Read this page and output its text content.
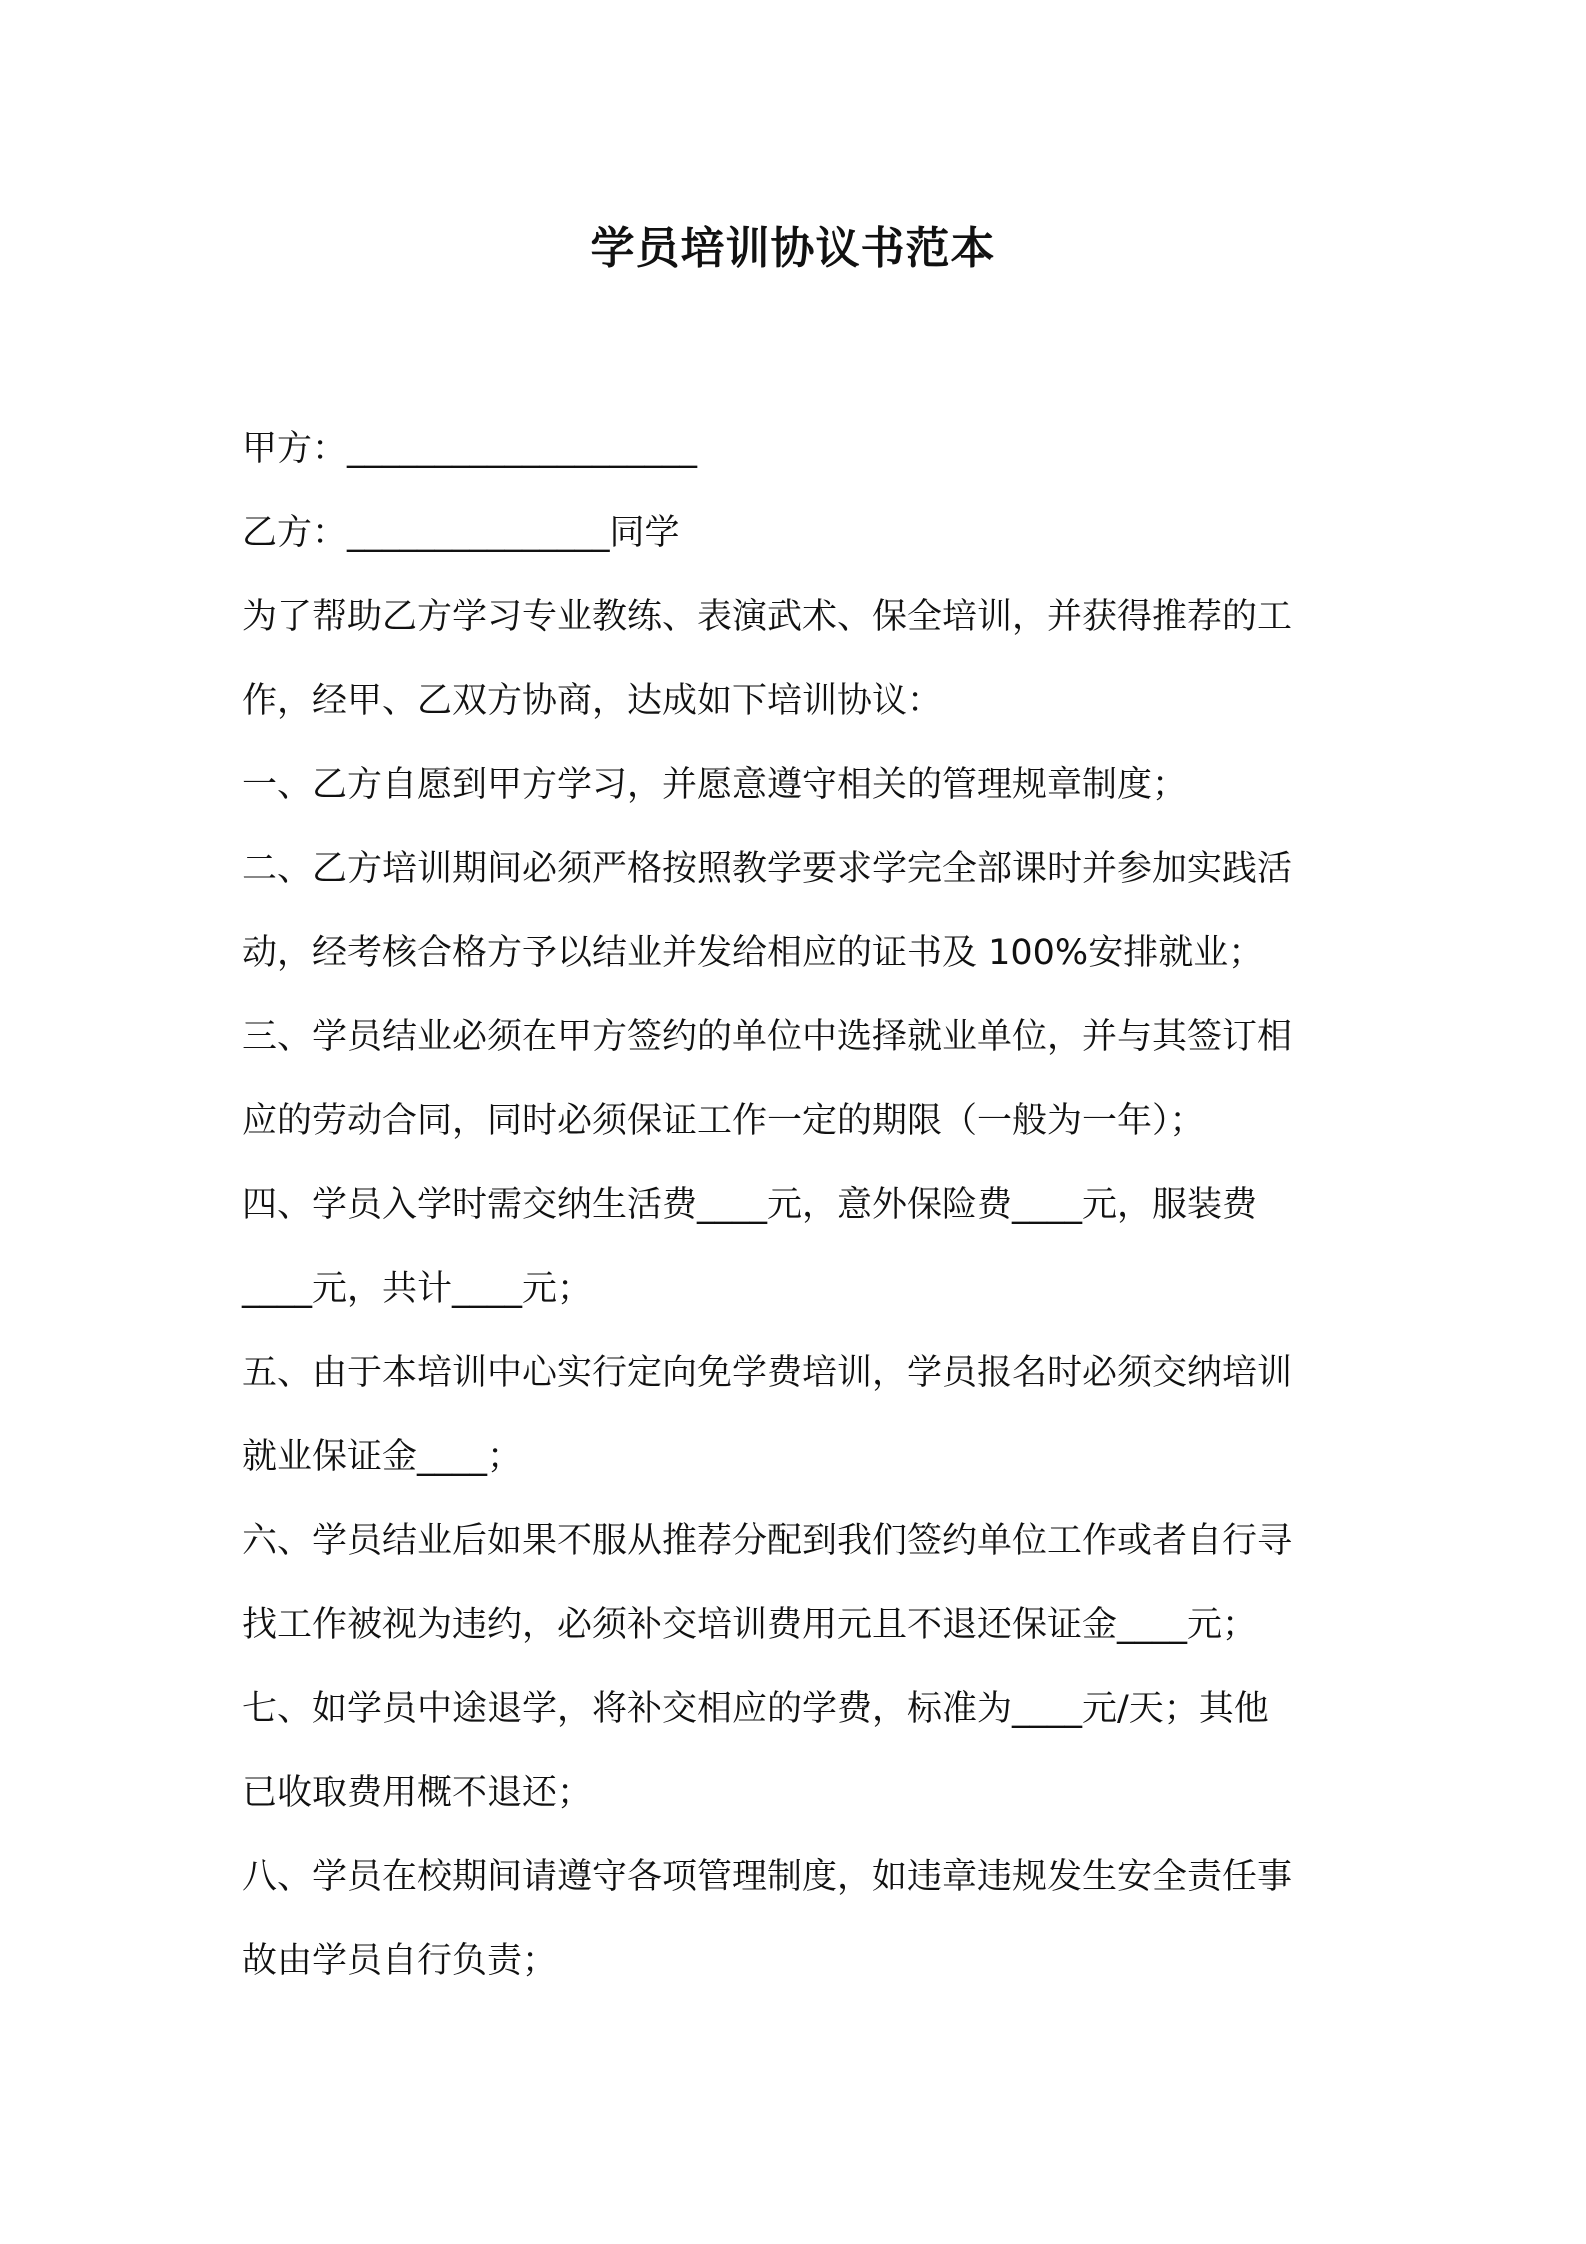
学员培训协议书范本
甲方：____________________
乙方：_______________同学

为了帮助乙方学习专业教练、表演武术、保全培训，并获得推荐的工
作，经甲、乙双方协商，达成如下培训协议：

一、乙方自愿到甲方学习，并愿意遵守相关的管理规章制度；

二、乙方培训期间必须严格按照教学要求学完全部课时并参加实践活
动，经考核合格方予以结业并发给相应的证书及 100%安排就业；

三、学员结业必须在甲方签约的单位中选择就业单位，并与其签订相
应的劳动合同，同时必须保证工作一定的期限（一般为一年）；

四、学员入学时需交纳生活费____元，意外保险费____元，服装费
____元，共计____元；

五、由于本培训中心实行定向免学费培训，学员报名时必须交纳培训
就业保证金____；

六、学员结业后如果不服从推荐分配到我们签约单位工作或者自行寻
找工作被视为违约，必须补交培训费用元且不退还保证金____元；

七、如学员中途退学，将补交相应的学费，标准为____元/天；其他
已收取费用概不退还；

八、学员在校期间请遵守各项管理制度，如违章违规发生安全责任事
故由学员自行负责；
